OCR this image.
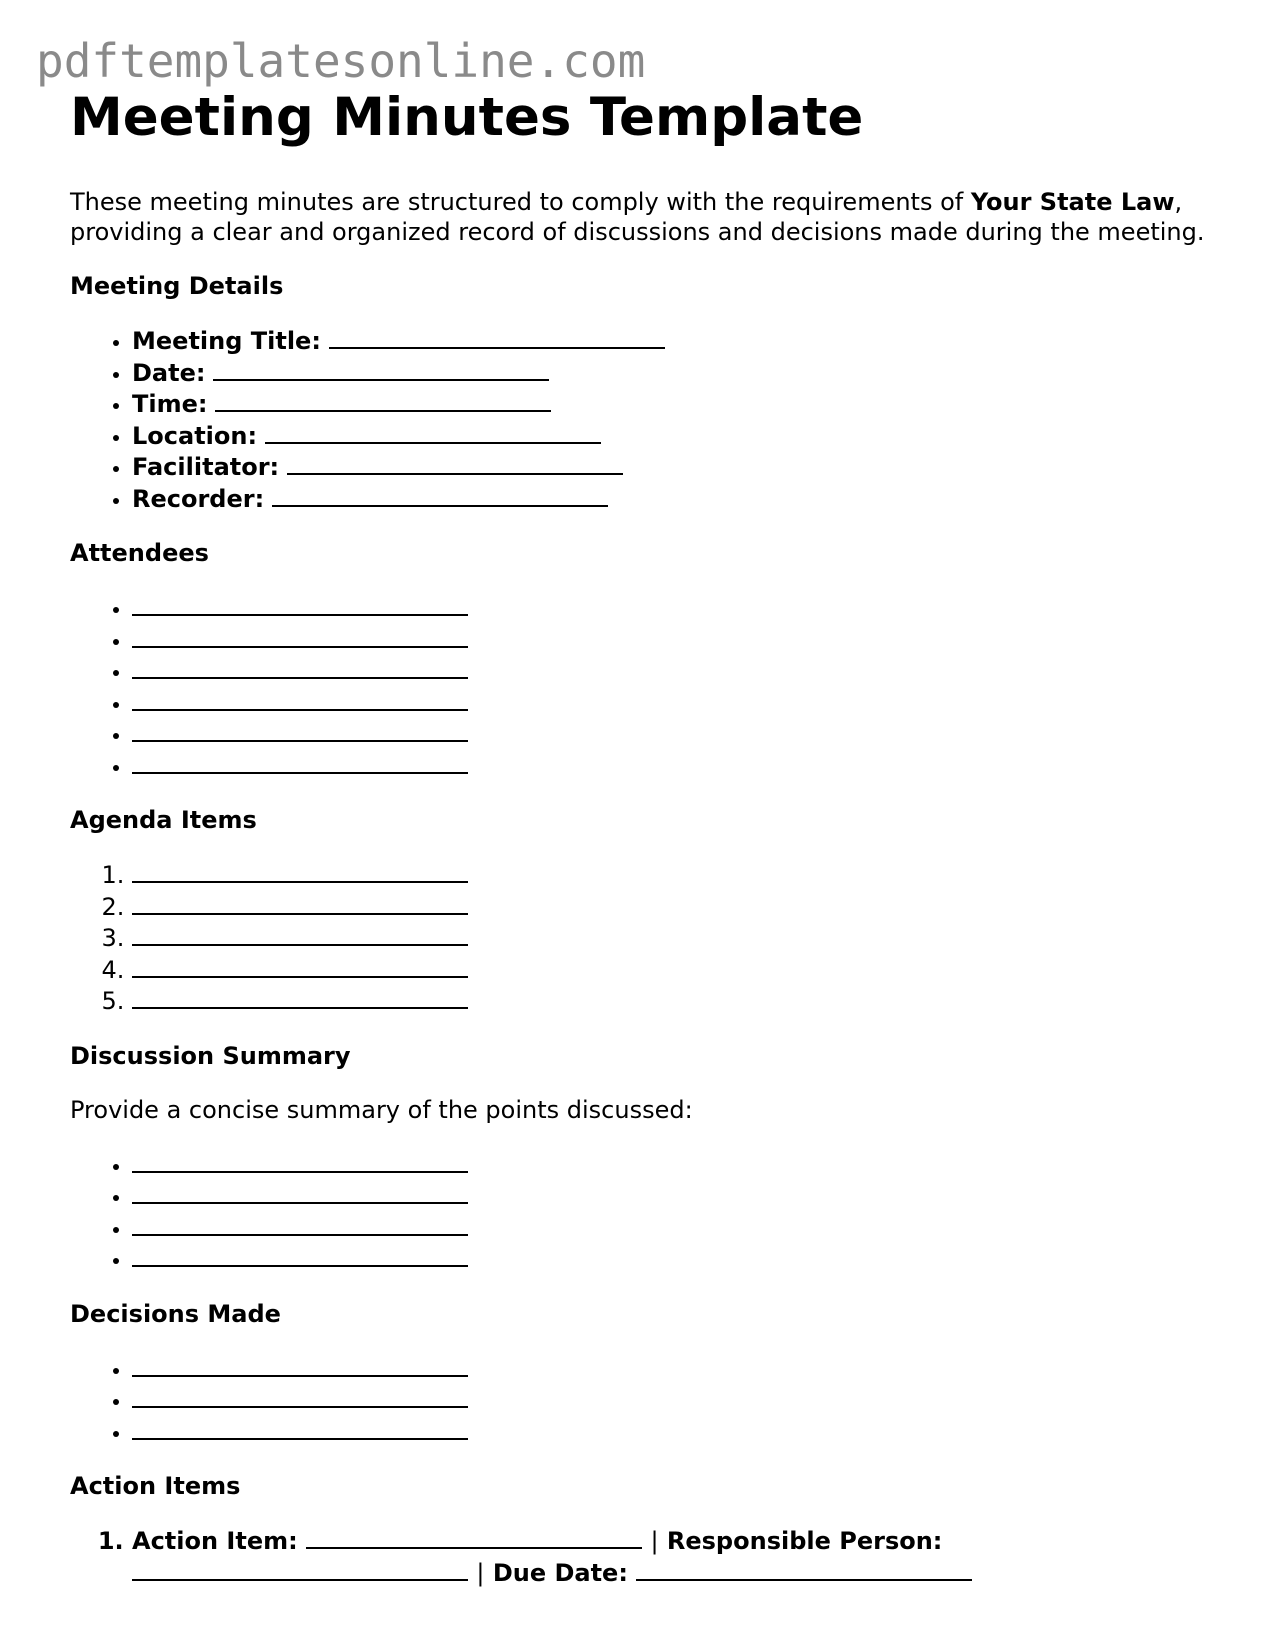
pdftemplatesonline.com
Meeting Minutes Template

These meeting minutes are structured to comply with the requirements of Your State Law, providing a clear and organized record of discussions and decisions made during the meeting.

Meeting Details
• Meeting Title:
• Date:
• Time:
• Location:
• Facilitator:
• Recorder:
Attendees
•
•
•
•
•
•
Agenda Items
1.
2.
3.
4.
5.
Discussion Summary

Provide a concise summary of the points discussed:

•
•
•
•
Decisions Made
•
•
•
Action Items
1. Action Item:	| Responsible Person:  | Due Date:
